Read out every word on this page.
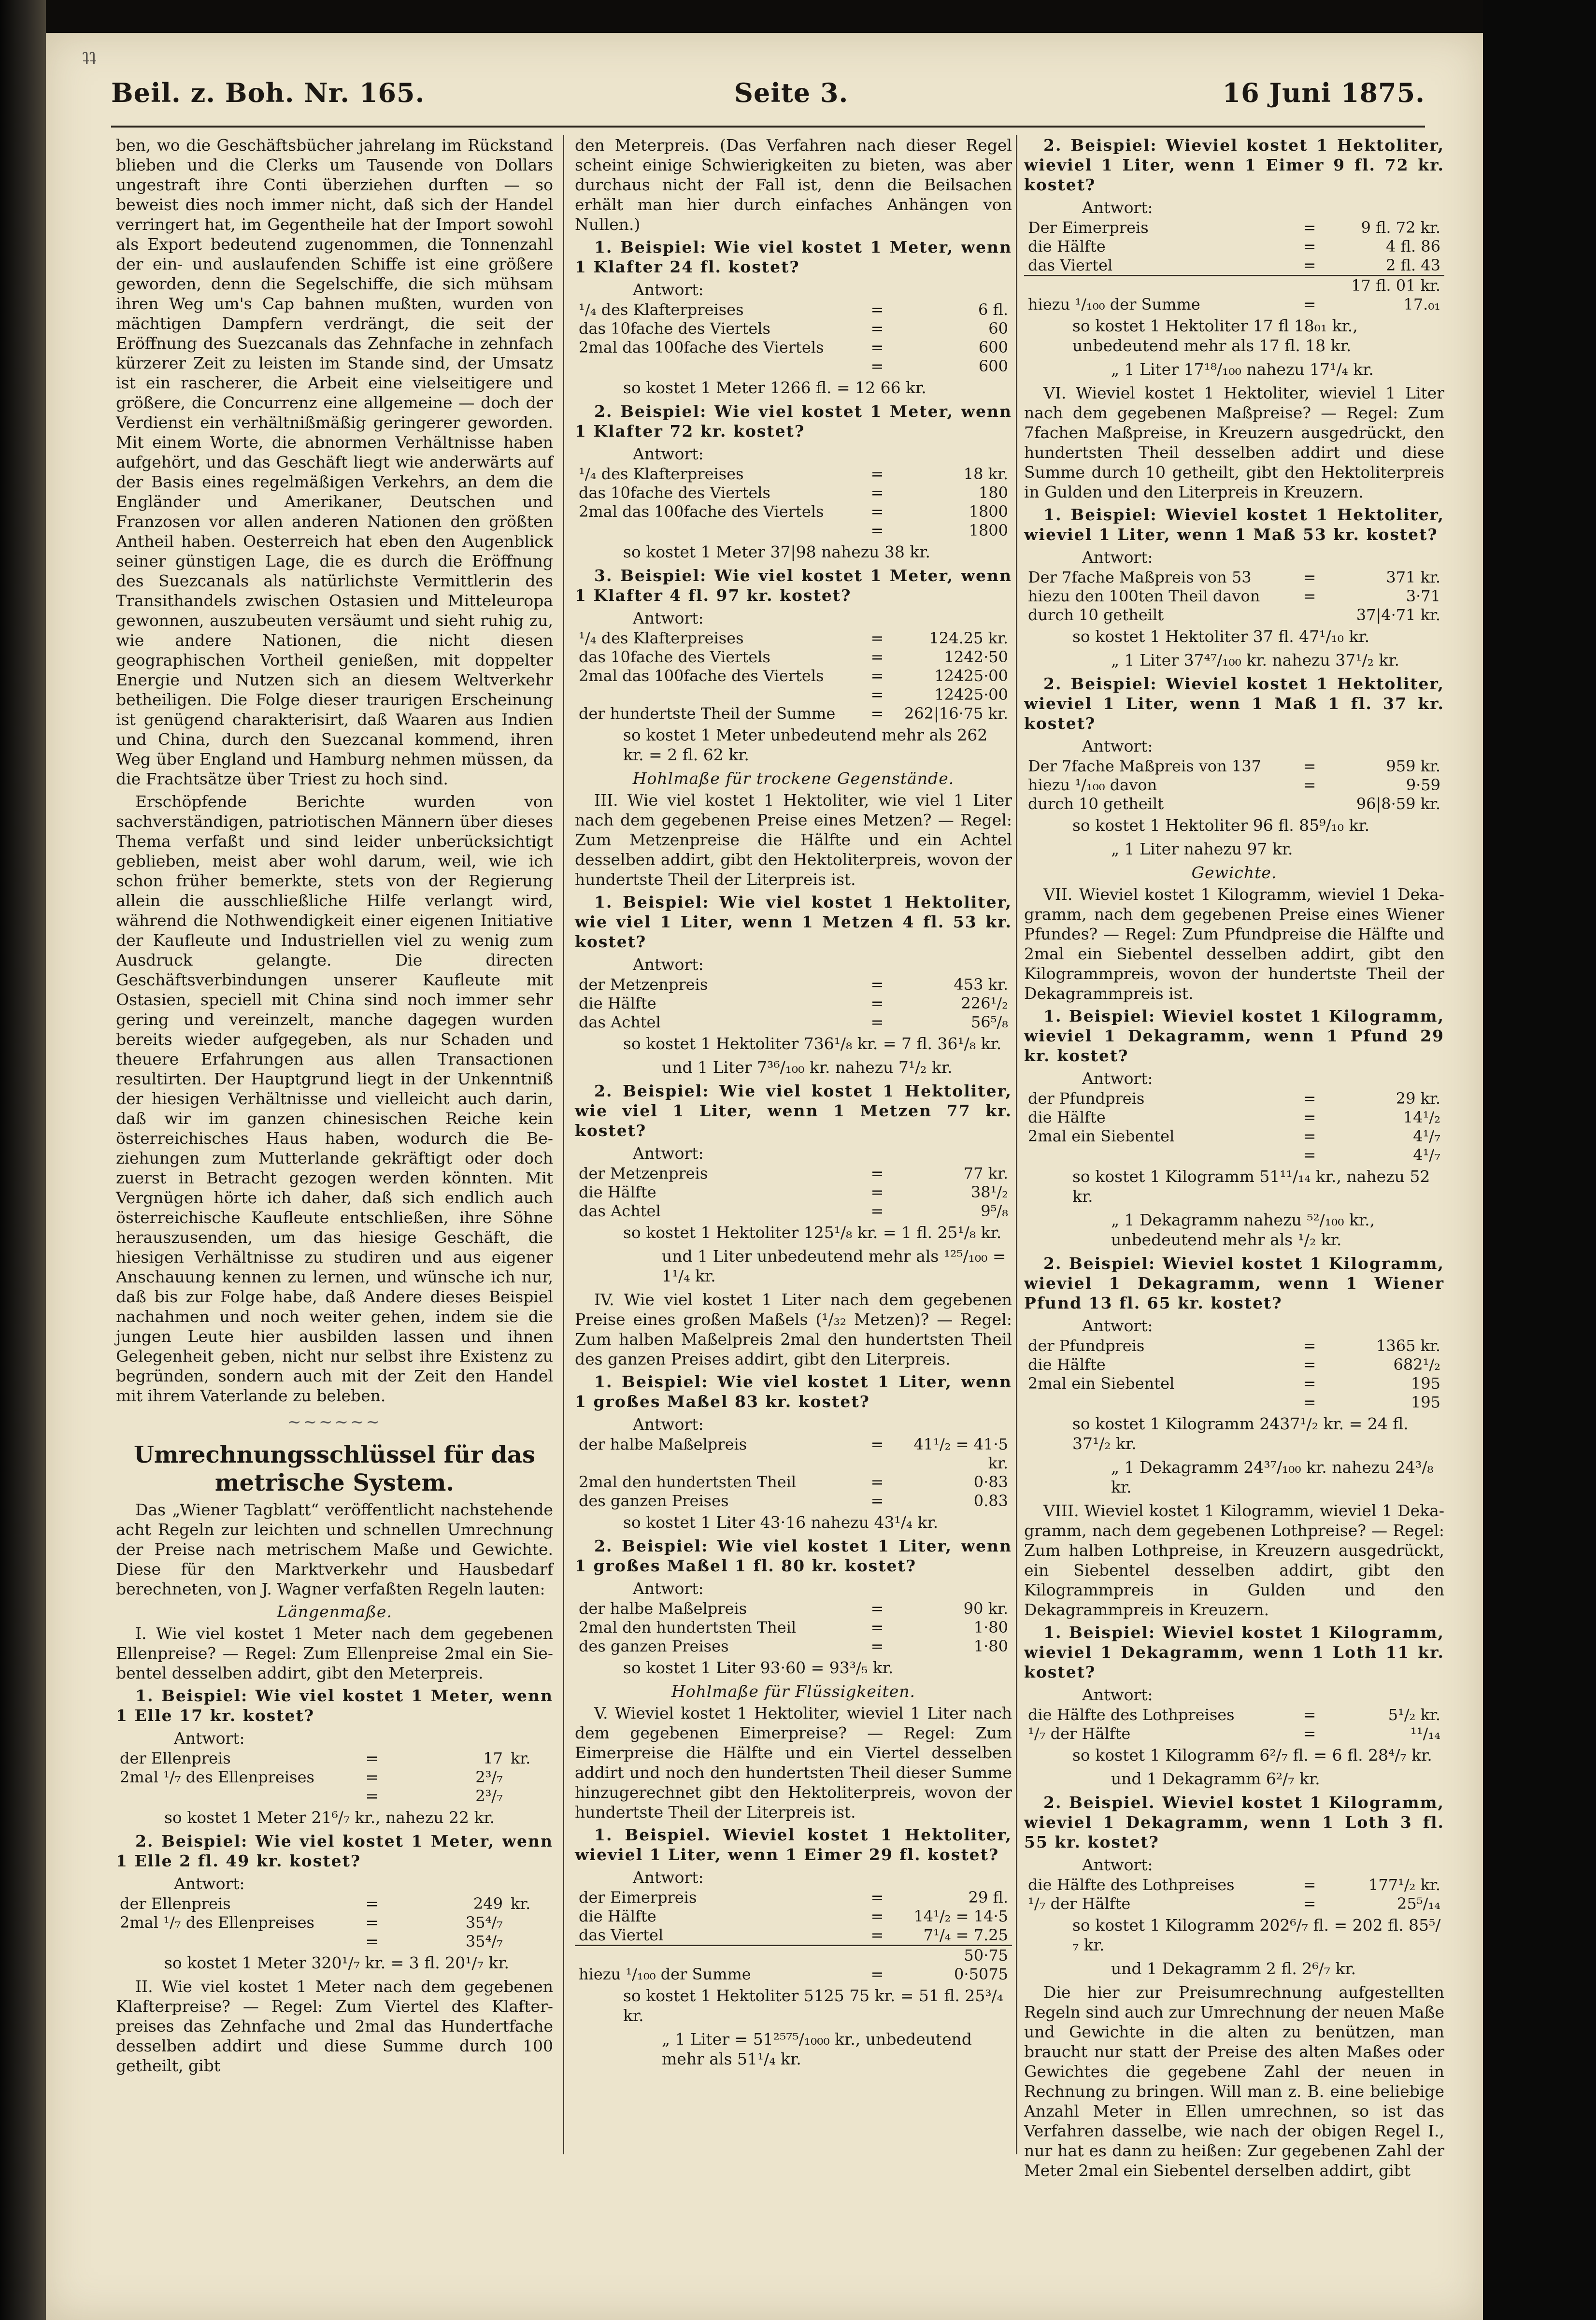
ʇʇ
Beil. z. Boh. Nr. 165.	Seite 3.	16 Juni 1875.

ben, wo die Geschäftsbücher jahrelang im Rückstand blieben und die Clerks um Tausende von Dollars ungestraft ihre Conti überziehen durften — so beweist dies noch immer nicht, daß sich der Handel verringert hat, im Gegentheile hat der Import sowohl als Export bedeutend zugenommen, die Tonnenzahl der ein- und auslaufenden Schiffe ist eine größere geworden, denn die Segelschiffe, die sich mühsam ihren Weg um's Cap bahnen mußten, wurden von mächtigen Dampfern verdrängt, die seit der Eröffnung des Suezcanals das Zehnfache in zehnfach kürzerer Zeit zu leisten im Stande sind, der Umsatz ist ein rascherer, die Arbeit eine vielseitigere und größere, die Concurrenz eine allgemeine — doch der Verdienst ein verhältnißmäßig geringerer geworden. Mit einem Worte, die abnormen Verhältnisse haben aufgehört, und das Geschäft liegt wie anderwärts auf der Basis eines regelmäßigen Verkehrs, an dem die Engländer und Amerikaner, Deutschen und Franzosen vor allen anderen Nationen den größten Antheil haben. Oesterreich hat eben den Augenblick seiner günstigen Lage, die es durch die Eröffnung des Suezcanals als natürlichste Vermittlerin des Transithandels zwischen Ostasien und Mitteleuropa gewonnen, auszubeuten versäumt und sieht ruhig zu, wie andere Nationen, die nicht diesen geographischen Vortheil genießen, mit doppelter Energie und Nutzen sich an diesem Weltverkehr betheiligen. Die Folge dieser traurigen Erscheinung ist genügend charakterisirt, daß Waaren aus Indien und China, durch den Suezcanal kommend, ihren Weg über England und Hamburg nehmen müssen, da die Frachtsätze über Triest zu hoch sind.

Erschöpfende Berichte wurden von sachverständigen, patriotischen Männern über dieses Thema verfaßt und sind leider unberücksichtigt geblieben, meist aber wohl darum, weil, wie ich schon früher bemerkte, stets von der Regierung allein die ausschließliche Hilfe verlangt wird, während die Nothwendigkeit einer eigenen Initiative der Kaufleute und Industriellen viel zu wenig zum Ausdruck gelangte. Die directen Geschäftsverbindungen unserer Kaufleute mit Ostasien, speciell mit China sind noch immer sehr gering und vereinzelt, manche dagegen wurden bereits wieder aufgegeben, als nur Schaden und theuere Erfahrungen aus allen Transactionen resultirten. Der Hauptgrund liegt in der Unkenntniß der hiesigen Verhältnisse und vielleicht auch darin, daß wir im ganzen chinesischen Reiche kein österreichisches Haus haben, wodurch die Beziehungen zum Mutterlande gekräftigt oder doch zuerst in Betracht gezogen werden könnten. Mit Vergnügen hörte ich daher, daß sich endlich auch österreichische Kaufleute entschließen, ihre Söhne herauszusenden, um das hiesige Geschäft, die hiesigen Verhältnisse zu studiren und aus eigener Anschauung kennen zu lernen, und wünsche ich nur, daß bis zur Folge habe, daß Andere dieses Beispiel nachahmen und noch weiter gehen, indem sie die jungen Leute hier ausbilden lassen und ihnen Gelegenheit geben, nicht nur selbst ihre Existenz zu begründen, sondern auch mit der Zeit den Handel mit ihrem Vaterlande zu beleben.

~~~~~~
Umrechnungsschlüssel für das metrische System.

Das „Wiener Tagblatt“ veröffentlicht nachstehende acht Regeln zur leichten und schnellen Umrechnung der Preise nach metrischem Maße und Gewichte. Diese für den Marktverkehr und Hausbedarf berechneten, von J. Wagner verfaßten Regeln lauten:

Längenmaße.

I. Wie viel kostet 1 Meter nach dem gegebenen Ellenpreise? — Regel: Zum Ellenpreise 2mal ein Siebentel desselben addirt, gibt den Meterpreis.

1. Beispiel: Wie viel kostet 1 Meter, wenn 1 Elle 17 kr. kostet?

Antwort:
der Ellenpreis	=	17	kr.
2mal ¹/₇ des Ellenpreises	=	2³/₇	
	=	2³/₇	
so kostet 1 Meter 21⁶/₇ kr., nahezu 22 kr.

2. Beispiel: Wie viel kostet 1 Meter, wenn 1 Elle 2 fl. 49 kr. kostet?

Antwort:
der Ellenpreis	=	249	kr.
2mal ¹/₇ des Ellenpreises	=	35⁴/₇	
	=	35⁴/₇	
so kostet 1 Meter 320¹/₇ kr. = 3 fl. 20¹/₇ kr.

II. Wie viel kostet 1 Meter nach dem gegebenen Klafterpreise? — Regel: Zum Viertel des Klafterpreises das Zehnfache und 2mal das Hundertfache desselben addirt und diese Summe durch 100 getheilt, gibt

den Meterpreis. (Das Verfahren nach dieser Regel scheint einige Schwierigkeiten zu bieten, was aber durchaus nicht der Fall ist, denn die Beilsachen erhält man hier durch einfaches Anhängen von Nullen.)

1. Beispiel: Wie viel kostet 1 Meter, wenn 1 Klafter 24 fl. kostet?

Antwort:
¹/₄ des Klafterpreises	=	6 fl.
das 10fache des Viertels	=	60
2mal das 100fache des Viertels	=	600
	=	600
so kostet 1 Meter 1266 fl. = 12 66 kr.

2. Beispiel: Wie viel kostet 1 Meter, wenn 1 Klafter 72 kr. kostet?

Antwort:
¹/₄ des Klafterpreises	=	18 kr.
das 10fache des Viertels	=	180
2mal das 100fache des Viertels	=	1800
	=	1800
so kostet 1 Meter 37|98 nahezu 38 kr.

3. Beispiel: Wie viel kostet 1 Meter, wenn 1 Klafter 4 fl. 97 kr. kostet?

Antwort:
¹/₄ des Klafterpreises	=	124.25 kr.
das 10fache des Viertels	=	1242·50
2mal das 100fache des Viertels	=	12425·00
	=	12425·00
der hundertste Theil der Summe	=	262|16·75 kr.
so kostet 1 Meter unbedeutend mehr als 262 kr. = 2 fl. 62 kr.
Hohlmaße für trockene Gegenstände.

III. Wie viel kostet 1 Hektoliter, wie viel 1 Liter nach dem gegebenen Preise eines Metzen? — Regel: Zum Metzenpreise die Hälfte und ein Achtel desselben addirt, gibt den Hektoliterpreis, wovon der hundertste Theil der Literpreis ist.

1. Beispiel: Wie viel kostet 1 Hektoliter, wie viel 1 Liter, wenn 1 Metzen 4 fl. 53 kr. kostet?

Antwort:
der Metzenpreis	=	453 kr.
die Hälfte	=	226¹/₂
das Achtel	=	56⁵/₈
so kostet 1 Hektoliter 736¹/₈ kr. = 7 fl. 36¹/₈ kr.
und 1 Liter 7³⁶/₁₀₀ kr. nahezu 7¹/₂ kr.

2. Beispiel: Wie viel kostet 1 Hektoliter, wie viel 1 Liter, wenn 1 Metzen 77 kr. kostet?

Antwort:
der Metzenpreis	=	77 kr.
die Hälfte	=	38¹/₂
das Achtel	=	9⁵/₈
so kostet 1 Hektoliter 125¹/₈ kr. = 1 fl. 25¹/₈ kr.
und 1 Liter unbedeutend mehr als ¹²⁵/₁₀₀ = 1¹/₄ kr.

IV. Wie viel kostet 1 Liter nach dem gegebenen Preise eines großen Maßels (¹/₃₂ Metzen)? — Regel: Zum halben Maßelpreis 2mal den hundertsten Theil des ganzen Preises addirt, gibt den Literpreis.

1. Beispiel: Wie viel kostet 1 Liter, wenn 1 großes Maßel 83 kr. kostet?

Antwort:
der halbe Maßelpreis	=	41¹/₂ = 41·5 kr.
2mal den hundertsten Theil	=	0·83
des ganzen Preises	=	0.83
so kostet 1 Liter 43·16 nahezu 43¹/₄ kr.

2. Beispiel: Wie viel kostet 1 Liter, wenn 1 großes Maßel 1 fl. 80 kr. kostet?

Antwort:
der halbe Maßelpreis	=	90 kr.
2mal den hundertsten Theil	=	1·80
des ganzen Preises	=	1·80
so kostet 1 Liter 93·60 = 93³/₅ kr.
Hohlmaße für Flüssigkeiten.

V. Wieviel kostet 1 Hektoliter, wieviel 1 Liter nach dem gegebenen Eimerpreise? — Regel: Zum Eimerpreise die Hälfte und ein Viertel desselben addirt und noch den hundertsten Theil dieser Summe hinzugerechnet gibt den Hektoliterpreis, wovon der hundertste Theil der Literpreis ist.

1. Beispiel. Wieviel kostet 1 Hektoliter, wieviel 1 Liter, wenn 1 Eimer 29 fl. kostet?

Antwort:
der Eimerpreis	=	29 fl.
die Hälfte	=	14¹/₂ = 14·5
das Viertel	=	7¹/₄ = 7.25
		50·75
hiezu ¹/₁₀₀ der Summe	=	0·5075
so kostet 1 Hektoliter 5125 75 kr. = 51 fl. 25³/₄ kr.
„ 1 Liter = 51²⁵⁷⁵/₁₀₀₀ kr., unbedeutend mehr als 51¹/₄ kr.

2. Beispiel: Wieviel kostet 1 Hektoliter, wieviel 1 Liter, wenn 1 Eimer 9 fl. 72 kr. kostet?

Antwort:
Der Eimerpreis	=	9 fl. 72 kr.
die Hälfte	=	4 fl. 86
das Viertel	=	2 fl. 43
		17 fl. 01 kr.
hiezu ¹/₁₀₀ der Summe	=	17.₀₁
so kostet 1 Hektoliter 17 fl 18₀₁ kr., unbedeutend mehr als 17 fl. 18 kr.
„ 1 Liter 17¹⁸/₁₀₀ nahezu 17¹/₄ kr.

VI. Wieviel kostet 1 Hektoliter, wieviel 1 Liter nach dem gegebenen Maßpreise? — Regel: Zum 7fachen Maßpreise, in Kreuzern ausgedrückt, den hundertsten Theil desselben addirt und diese Summe durch 10 getheilt, gibt den Hektoliterpreis in Gulden und den Literpreis in Kreuzern.

1. Beispiel: Wieviel kostet 1 Hektoliter, wieviel 1 Liter, wenn 1 Maß 53 kr. kostet?

Antwort:
Der 7fache Maßpreis von 53	=	371 kr.
hiezu den 100ten Theil davon	=	3·71
durch 10 getheilt		37|4·71 kr.
so kostet 1 Hektoliter 37 fl. 47¹/₁₀ kr.
„ 1 Liter 37⁴⁷/₁₀₀ kr. nahezu 37¹/₂ kr.

2. Beispiel: Wieviel kostet 1 Hektoliter, wieviel 1 Liter, wenn 1 Maß 1 fl. 37 kr. kostet?

Antwort:
Der 7fache Maßpreis von 137	=	959 kr.
hiezu ¹/₁₀₀ davon	=	9·59
durch 10 getheilt		96|8·59 kr.
so kostet 1 Hektoliter 96 fl. 85⁹/₁₀ kr.
„ 1 Liter nahezu 97 kr.
Gewichte.

VII. Wieviel kostet 1 Kilogramm, wieviel 1 Dekagramm, nach dem gegebenen Preise eines Wiener Pfundes? — Regel: Zum Pfundpreise die Hälfte und 2mal ein Siebentel desselben addirt, gibt den Kilogrammpreis, wovon der hundertste Theil der Dekagrammpreis ist.

1. Beispiel: Wieviel kostet 1 Kilogramm, wieviel 1 Dekagramm, wenn 1 Pfund 29 kr. kostet?

Antwort:
der Pfundpreis	=	29 kr.
die Hälfte	=	14¹/₂
2mal ein Siebentel	=	4¹/₇
	=	4¹/₇
so kostet 1 Kilogramm 51¹¹/₁₄ kr., nahezu 52 kr.
„ 1 Dekagramm nahezu ⁵²/₁₀₀ kr., unbedeutend mehr als ¹/₂ kr.

2. Beispiel: Wieviel kostet 1 Kilogramm, wieviel 1 Dekagramm, wenn 1 Wiener Pfund 13 fl. 65 kr. kostet?

Antwort:
der Pfundpreis	=	1365 kr.
die Hälfte	=	682¹/₂
2mal ein Siebentel	=	195
	=	195
so kostet 1 Kilogramm 2437¹/₂ kr. = 24 fl. 37¹/₂ kr.
„ 1 Dekagramm 24³⁷/₁₀₀ kr. nahezu 24³/₈ kr.

VIII. Wieviel kostet 1 Kilogramm, wieviel 1 Dekagramm, nach dem gegebenen Lothpreise? — Regel: Zum halben Lothpreise, in Kreuzern ausgedrückt, ein Siebentel desselben addirt, gibt den Kilogrammpreis in Gulden und den Dekagrammpreis in Kreuzern.

1. Beispiel: Wieviel kostet 1 Kilogramm, wieviel 1 Dekagramm, wenn 1 Loth 11 kr. kostet?

Antwort:
die Hälfte des Lothpreises	=	5¹/₂ kr.
¹/₇ der Hälfte	=	¹¹/₁₄
so kostet 1 Kilogramm 6²/₇ fl. = 6 fl. 28⁴/₇ kr.
und 1 Dekagramm 6²/₇ kr.

2. Beispiel. Wieviel kostet 1 Kilogramm, wieviel 1 Dekagramm, wenn 1 Loth 3 fl. 55 kr. kostet?

Antwort:
die Hälfte des Lothpreises	=	177¹/₂ kr.
¹/₇ der Hälfte	=	25⁵/₁₄
so kostet 1 Kilogramm 202⁶/₇ fl. = 202 fl. 85⁵/₇ kr.
und 1 Dekagramm 2 fl. 2⁶/₇ kr.

Die hier zur Preisumrechnung aufgestellten Regeln sind auch zur Umrechnung der neuen Maße und Gewichte in die alten zu benützen, man braucht nur statt der Preise des alten Maßes oder Gewichtes die gegebene Zahl der neuen in Rechnung zu bringen. Will man z. B. eine beliebige Anzahl Meter in Ellen umrechnen, so ist das Verfahren dasselbe, wie nach der obigen Regel I., nur hat es dann zu heißen: Zur gegebenen Zahl der Meter 2mal ein Siebentel derselben addirt, gibt
